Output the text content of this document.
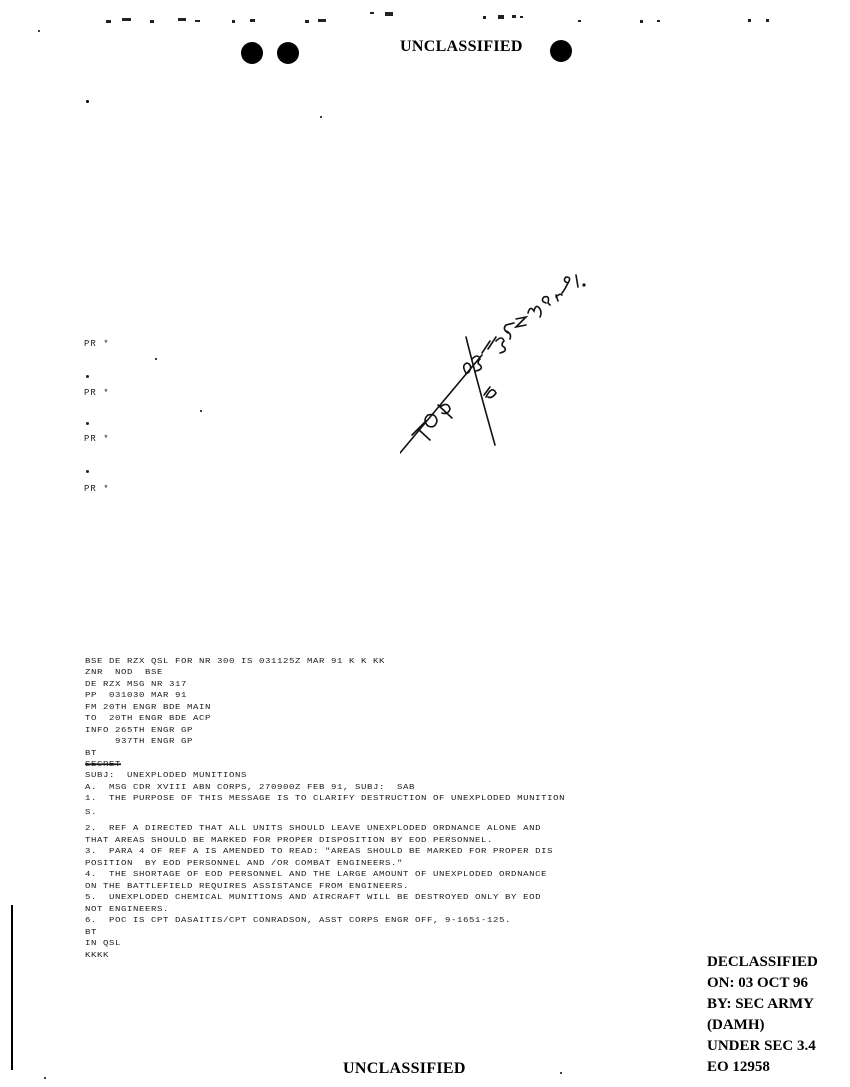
UNCLASSIFIED
PR *
PR *
PR *
PR *
BSE DE RZX QSL FOR NR 300 IS 031125Z MAR 91 K K KK
ZNR  NOD  BSE
DE RZX MSG NR 317
PP  031030 MAR 91
FM 20TH ENGR BDE MAIN
TO  20TH ENGR BDE ACP
INFO 265TH ENGR GP
937TH ENGR GP
BT
SECRET
SUBJ:  UNEXPLODED MUNITIONS
A.  MSG CDR XVIII ABN CORPS, 270900Z FEB 91, SUBJ:  SAB
1.  THE PURPOSE OF THIS MESSAGE IS TO CLARIFY DESTRUCTION OF UNEXPLODED MUNITION
S.
2.  REF A DIRECTED THAT ALL UNITS SHOULD LEAVE UNEXPLODED ORDNANCE ALONE AND
THAT AREAS SHOULD BE MARKED FOR PROPER DISPOSITION BY EOD PERSONNEL.
3.  PARA 4 OF REF A IS AMENDED TO READ: "AREAS SHOULD BE MARKED FOR PROPER DIS
POSITION  BY EOD PERSONNEL AND /OR COMBAT ENGINEERS."
4.  THE SHORTAGE OF EOD PERSONNEL AND THE LARGE AMOUNT OF UNEXPLODED ORDNANCE
ON THE BATTLEFIELD REQUIRES ASSISTANCE FROM ENGINEERS.
5.  UNEXPLODED CHEMICAL MUNITIONS AND AIRCRAFT WILL BE DESTROYED ONLY BY EOD
NOT ENGINEERS.
6.  POC IS CPT DASAITIS/CPT CONRADSON, ASST CORPS ENGR OFF, 9-1651-125.
BT
IN QSL
KKKK	DECLASSIFIED
ON: 03 OCT 96
BY: SEC ARMY
(DAMH)
UNDER SEC 3.4
EO 12958
UNCLASSIFIED
